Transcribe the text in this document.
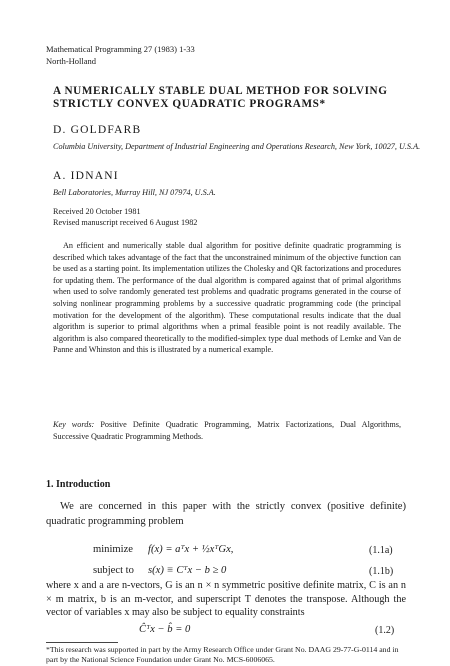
Mathematical Programming 27 (1983) 1-33
North-Holland
A NUMERICALLY STABLE DUAL METHOD FOR SOLVING
STRICTLY CONVEX QUADRATIC PROGRAMS*
D. GOLDFARB
Columbia University, Department of Industrial Engineering and Operations Research, New York, 10027, U.S.A.
A. IDNANI
Bell Laboratories, Murray Hill, NJ 07974, U.S.A.
Received 20 October 1981
Revised manuscript received 6 August 1982

An efficient and numerically stable dual algorithm for positive definite quadratic programming is described which takes advantage of the fact that the unconstrained minimum of the objective function can be used as a starting point. Its implementation utilizes the Cholesky and QR factorizations and procedures for updating them. The performance of the dual algorithm is compared against that of primal algorithms when used to solve randomly generated test problems and quadratic programs generated in the course of solving nonlinear programming problems by a successive quadratic programming code (the principal motivation for the development of the algorithm). These computational results indicate that the dual algorithm is superior to primal algorithms when a primal feasible point is not readily available. The algorithm is also compared theoretically to the modified-simplex type dual methods of Lemke and Van de Panne and Whinston and this is illustrated by a numerical example.

Key words: Positive Definite Quadratic Programming, Matrix Factorizations, Dual Algorithms, Successive Quadratic Programming Methods.
1. Introduction

We are concerned in this paper with the strictly convex (positive definite) quadratic programming problem

minimize f(x) = aᵀx + ½xᵀGx,	(1.1a)
subject to s(x) ≡ Cᵀx − b ≥ 0	(1.1b)

where x and a are n-vectors, G is an n × n symmetric positive definite matrix, C is an n × m matrix, b is an m-vector, and superscript T denotes the transpose. Although the vector of variables x may also be subject to equality constraints

Ĉᵀx − b̂ = 0	(1.2)
*This research was supported in part by the Army Research Office under Grant No. DAAG 29-77-G-0114 and in part by the National Science Foundation under Grant No. MCS-6006065.
